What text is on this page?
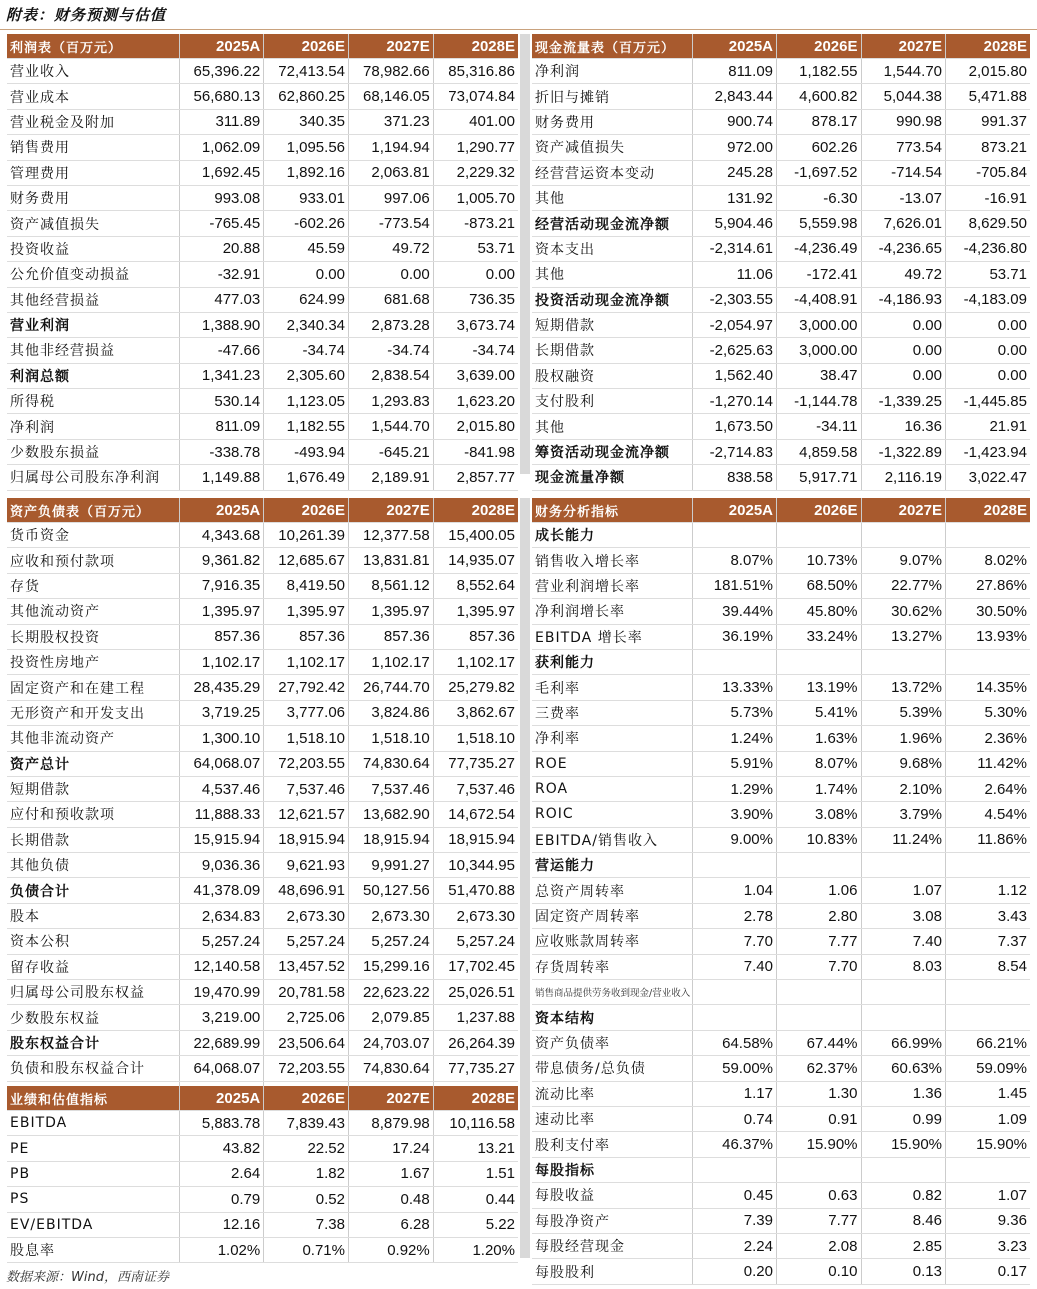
附表：财务预测与估值
利润表（百万元）	2025A	2026E	2027E	2028E
营业收入	65,396.22	72,413.54	78,982.66	85,316.86
营业成本	56,680.13	62,860.25	68,146.05	73,074.84
营业税金及附加	311.89	340.35	371.23	401.00
销售费用	1,062.09	1,095.56	1,194.94	1,290.77
管理费用	1,692.45	1,892.16	2,063.81	2,229.32
财务费用	993.08	933.01	997.06	1,005.70
资产减值损失	-765.45	-602.26	-773.54	-873.21
投资收益	20.88	45.59	49.72	53.71
公允价值变动损益	-32.91	0.00	0.00	0.00
其他经营损益	477.03	624.99	681.68	736.35
营业利润	1,388.90	2,340.34	2,873.28	3,673.74
其他非经营损益	-47.66	-34.74	-34.74	-34.74
利润总额	1,341.23	2,305.60	2,838.54	3,639.00
所得税	530.14	1,123.05	1,293.83	1,623.20
净利润	811.09	1,182.55	1,544.70	2,015.80
少数股东损益	-338.78	-493.94	-645.21	-841.98
归属母公司股东净利润	1,149.88	1,676.49	2,189.91	2,857.77
现金流量表（百万元）	2025A	2026E	2027E	2028E
净利润	811.09	1,182.55	1,544.70	2,015.80
折旧与摊销	2,843.44	4,600.82	5,044.38	5,471.88
财务费用	900.74	878.17	990.98	991.37
资产减值损失	972.00	602.26	773.54	873.21
经营营运资本变动	245.28	-1,697.52	-714.54	-705.84
其他	131.92	-6.30	-13.07	-16.91
经营活动现金流净额	5,904.46	5,559.98	7,626.01	8,629.50
资本支出	-2,314.61	-4,236.49	-4,236.65	-4,236.80
其他	11.06	-172.41	49.72	53.71
投资活动现金流净额	-2,303.55	-4,408.91	-4,186.93	-4,183.09
短期借款	-2,054.97	3,000.00	0.00	0.00
长期借款	-2,625.63	3,000.00	0.00	0.00
股权融资	1,562.40	38.47	0.00	0.00
支付股利	-1,270.14	-1,144.78	-1,339.25	-1,445.85
其他	1,673.50	-34.11	16.36	21.91
筹资活动现金流净额	-2,714.83	4,859.58	-1,322.89	-1,423.94
现金流量净额	838.58	5,917.71	2,116.19	3,022.47
资产负债表（百万元）	2025A	2026E	2027E	2028E
货币资金	4,343.68	10,261.39	12,377.58	15,400.05
应收和预付款项	9,361.82	12,685.67	13,831.81	14,935.07
存货	7,916.35	8,419.50	8,561.12	8,552.64
其他流动资产	1,395.97	1,395.97	1,395.97	1,395.97
长期股权投资	857.36	857.36	857.36	857.36
投资性房地产	1,102.17	1,102.17	1,102.17	1,102.17
固定资产和在建工程	28,435.29	27,792.42	26,744.70	25,279.82
无形资产和开发支出	3,719.25	3,777.06	3,824.86	3,862.67
其他非流动资产	1,300.10	1,518.10	1,518.10	1,518.10
资产总计	64,068.07	72,203.55	74,830.64	77,735.27
短期借款	4,537.46	7,537.46	7,537.46	7,537.46
应付和预收款项	11,888.33	12,621.57	13,682.90	14,672.54
长期借款	15,915.94	18,915.94	18,915.94	18,915.94
其他负债	9,036.36	9,621.93	9,991.27	10,344.95
负债合计	41,378.09	48,696.91	50,127.56	51,470.88
股本	2,634.83	2,673.30	2,673.30	2,673.30
资本公积	5,257.24	5,257.24	5,257.24	5,257.24
留存收益	12,140.58	13,457.52	15,299.16	17,702.45
归属母公司股东权益	19,470.99	20,781.58	22,623.22	25,026.51
少数股东权益	3,219.00	2,725.06	2,079.85	1,237.88
股东权益合计	22,689.99	23,506.64	24,703.07	26,264.39
负债和股东权益合计	64,068.07	72,203.55	74,830.64	77,735.27

业绩和估值指标	2025A	2026E	2027E	2028E
EBITDA	5,883.78	7,839.43	8,879.98	10,116.58
PE	43.82	22.52	17.24	13.21
PB	2.64	1.82	1.67	1.51
PS	0.79	0.52	0.48	0.44
EV/EBITDA	12.16	7.38	6.28	5.22
股息率	1.02%	0.71%	0.92%	1.20%
财务分析指标	2025A	2026E	2027E	2028E
成长能力				
销售收入增长率	8.07%	10.73%	9.07%	8.02%
营业利润增长率	181.51%	68.50%	22.77%	27.86%
净利润增长率	39.44%	45.80%	30.62%	30.50%
EBITDA 增长率	36.19%	33.24%	13.27%	13.93%
获利能力				
毛利率	13.33%	13.19%	13.72%	14.35%
三费率	5.73%	5.41%	5.39%	5.30%
净利率	1.24%	1.63%	1.96%	2.36%
ROE	5.91%	8.07%	9.68%	11.42%
ROA	1.29%	1.74%	2.10%	2.64%
ROIC	3.90%	3.08%	3.79%	4.54%
EBITDA/销售收入	9.00%	10.83%	11.24%	11.86%
营运能力				
总资产周转率	1.04	1.06	1.07	1.12
固定资产周转率	2.78	2.80	3.08	3.43
应收账款周转率	7.70	7.77	7.40	7.37
存货周转率	7.40	7.70	8.03	8.54
销售商品提供劳务收到现金/营业收入				
资本结构				
资产负债率	64.58%	67.44%	66.99%	66.21%
带息债务/总负债	59.00%	62.37%	60.63%	59.09%
流动比率	1.17	1.30	1.36	1.45
速动比率	0.74	0.91	0.99	1.09
股利支付率	46.37%	15.90%	15.90%	15.90%
每股指标				
每股收益	0.45	0.63	0.82	1.07
每股净资产	7.39	7.77	8.46	9.36
每股经营现金	2.24	2.08	2.85	3.23
每股股利	0.20	0.10	0.13	0.17
数据来源：Wind，西南证券
